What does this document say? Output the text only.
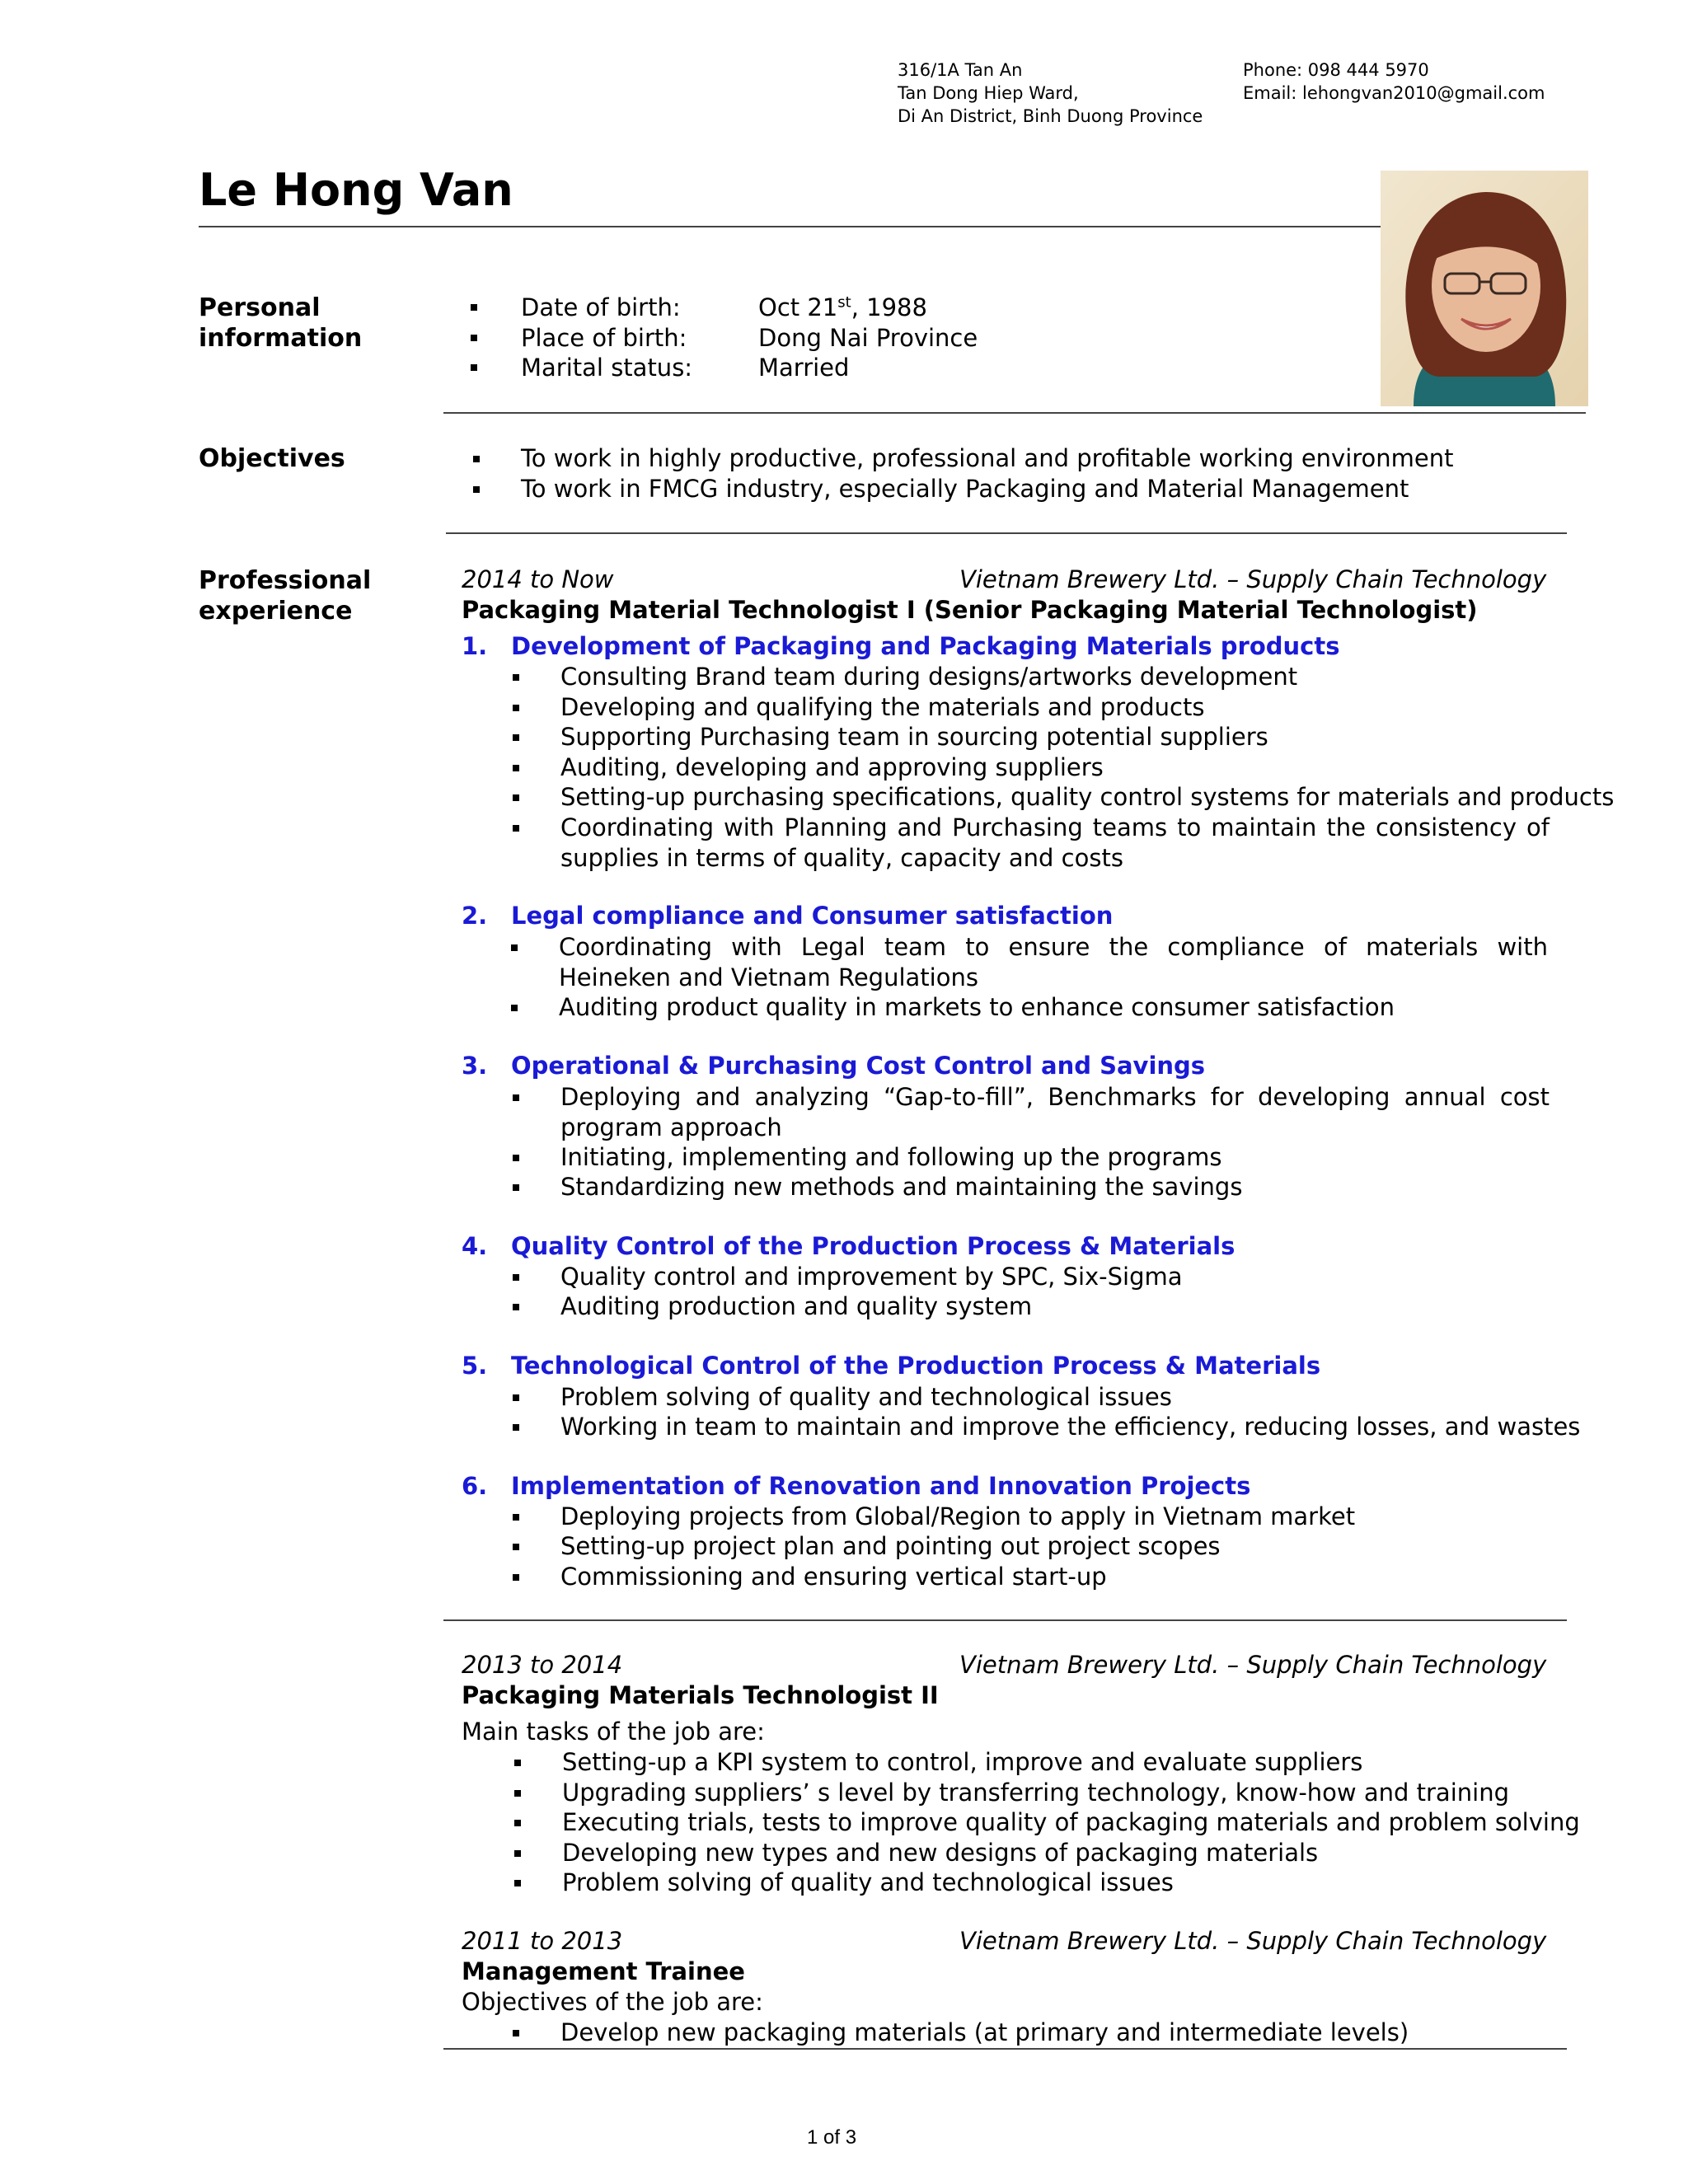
316/1A Tan An
Tan Dong Hiep Ward,
Di An District, Binh Duong Province
Phone: 098 444 5970
Email: lehongvan2010@gmail.com
Le Hong Van
Personal
information
Date of birth:	Oct 21st, 1988
Place of birth:	Dong Nai Province
Marital status:	Married
Objectives	To work in highly productive, professional and profitable working environment
To work in FMCG industry, especially Packaging and Material Management
Professional
experience
2014 to Now	Vietnam Brewery Ltd. – Supply Chain Technology
Packaging Material Technologist I (Senior Packaging Material Technologist)
1. Development of Packaging and Packaging Materials products
Consulting Brand team during designs/artworks development
Developing and qualifying the materials and products
Supporting Purchasing team in sourcing potential suppliers
Auditing, developing and approving suppliers
Setting-up purchasing specifications, quality control systems for materials and products
Coordinating with Planning and Purchasing teams to maintain the consistency of supplies in terms of quality, capacity and costs
2. Legal compliance and Consumer satisfaction
Coordinating with Legal team to ensure the compliance of materials with Heineken and Vietnam Regulations
Auditing product quality in markets to enhance consumer satisfaction
3. Operational & Purchasing Cost Control and Savings
Deploying and analyzing “Gap-to-fill”, Benchmarks for developing annual cost program approach
Initiating, implementing and following up the programs
Standardizing new methods and maintaining the savings
4. Quality Control of the Production Process & Materials
Quality control and improvement by SPC, Six-Sigma
Auditing production and quality system
5. Technological Control of the Production Process & Materials
Problem solving of quality and technological issues
Working in team to maintain and improve the efficiency, reducing losses, and wastes
6. Implementation of Renovation and Innovation Projects
Deploying projects from Global/Region to apply in Vietnam market
Setting-up project plan and pointing out project scopes
Commissioning and ensuring vertical start-up
2013 to 2014	Vietnam Brewery Ltd. – Supply Chain Technology
Packaging Materials Technologist II
Main tasks of the job are:
Setting-up a KPI system to control, improve and evaluate suppliers
Upgrading suppliers’ s level by transferring technology, know-how and training
Executing trials, tests to improve quality of packaging materials and problem solving
Developing new types and new designs of packaging materials
Problem solving of quality and technological issues
2011 to 2013	Vietnam Brewery Ltd. – Supply Chain Technology
Management Trainee
Objectives of the job are:
Develop new packaging materials (at primary and intermediate levels)
1 of 3
